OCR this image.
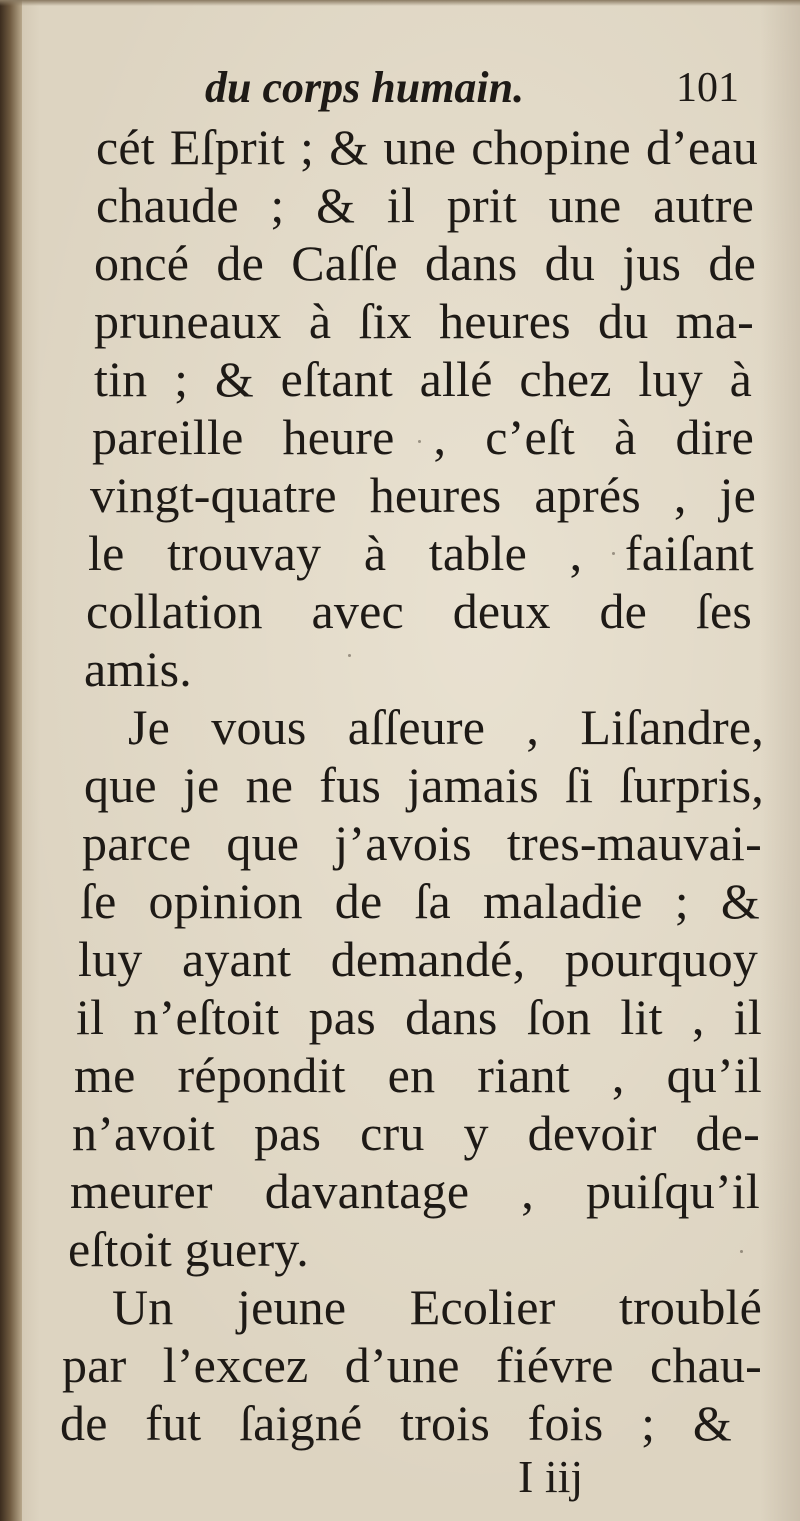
du corps humain.	101
cét Eſprit ; & une chopine d’eau
chaude ; & il prit une autre
oncé de Caſſe dans du jus de
pruneaux à ſix heures du ma-
tin ; & eſtant allé chez luy à
pareille heure , c’eſt à dire
vingt-quatre heures aprés , je
le trouvay à table , faiſant
collation avec deux de ſes
amis.
Je vous aſſeure , Liſandre,
que je ne fus jamais ſi ſurpris,
parce que j’avois tres-mauvai-
ſe opinion de ſa maladie ; &
luy ayant demandé, pourquoy
il n’eſtoit pas dans ſon lit , il
me répondit en riant , qu’il
n’avoit pas cru y devoir de-
meurer davantage , puiſqu’il
eſtoit guery.
Un jeune Ecolier troublé
par l’excez d’une fiévre chau-
de fut ſaigné trois fois ; &
I iij
